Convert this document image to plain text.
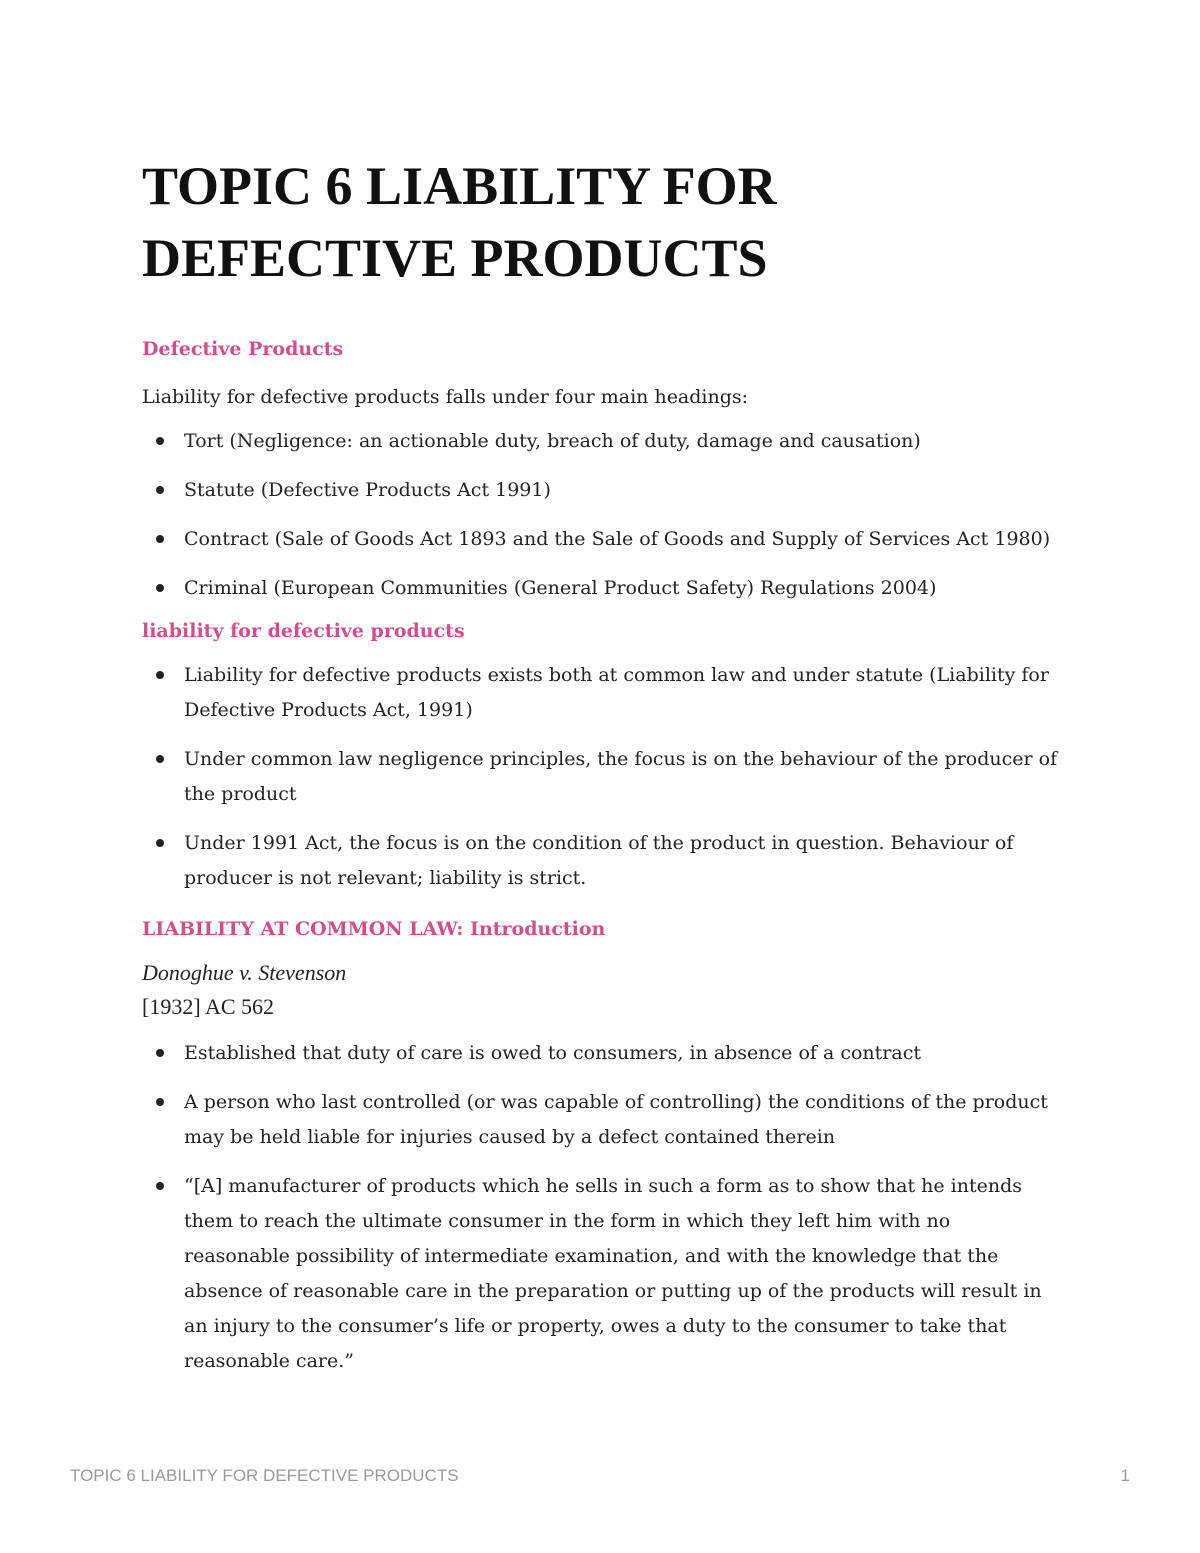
TOPIC 6 LIABILITY FOR
DEFECTIVE PRODUCTS
Defective Products

Liability for defective products falls under four main headings:

Tort (Negligence: an actionable duty, breach of duty, damage and causation)
Statute (Defective Products Act 1991)
Contract (Sale of Goods Act 1893 and the Sale of Goods and Supply of Services Act 1980)
Criminal (European Communities (General Product Safety) Regulations 2004)
liability for defective products
Liability for defective products exists both at common law and under statute (Liability for Defective Products Act, 1991)
Under common law negligence principles, the focus is on the behaviour of the producer of the product
Under 1991 Act, the focus is on the condition of the product in question. Behaviour of producer is not relevant; liability is strict.
LIABILITY AT COMMON LAW: Introduction

Donoghue v. Stevenson

[1932] AC 562

Established that duty of care is owed to consumers, in absence of a contract
A person who last controlled (or was capable of controlling) the conditions of the product may be held liable for injuries caused by a defect contained therein
“[A] manufacturer of products which he sells in such a form as to show that he intends them to reach the ultimate consumer in the form in which they left him with no reasonable possibility of intermediate examination, and with the knowledge that the absence of reasonable care in the preparation or putting up of the products will result in an injury to the consumer’s life or property, owes a duty to the consumer to take that reasonable care.”
TOPIC 6 LIABILITY FOR DEFECTIVE PRODUCTS	1
